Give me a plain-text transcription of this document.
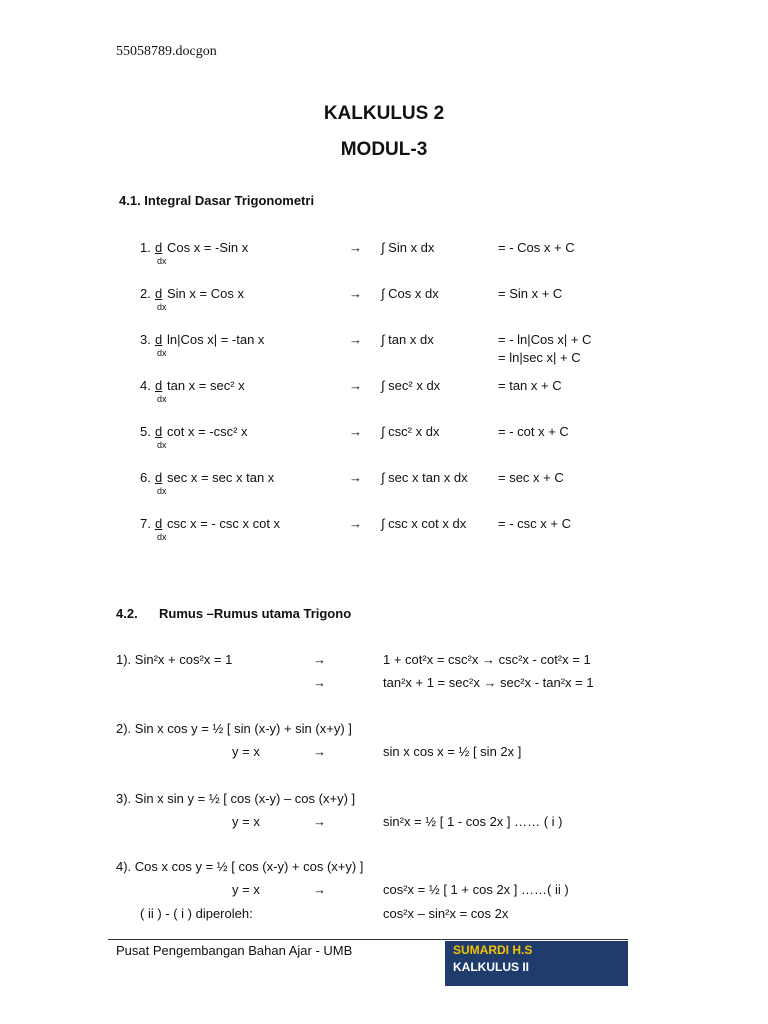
55058789.docgon
KALKULUS 2
MODUL-3
4.1. Integral Dasar Trigonometri
1. d
dx
Cos x = -Sin x	→ ∫ Sin x dx	= - Cos x + C
2. d
dx
Sin x = Cos x	→ ∫ Cos x dx	= Sin x + C
3. d
dx
ln|Cos x| = -tan x	→ ∫ tan x dx	= - ln|Cos x| + C
= ln|sec x| + C
4. d
dx
tan x = sec² x	→ ∫ sec² x dx	= tan x + C
5. d
dx
cot x = -csc² x	→ ∫ csc² x dx	= - cot x + C
6. d
dx
sec x = sec x tan x	→ ∫ sec x tan x dx = sec x + C
7. d
dx
csc x = - csc x cot x	→ ∫ csc x cot x dx = - csc x + C
4.2. Rumus –Rumus utama Trigono
1). Sin²x + cos²x = 1	→	1 + cot²x = csc²x → csc²x - cot²x = 1
→	tan²x + 1 = sec²x → sec²x - tan²x = 1
2). Sin x cos y = ½ [ sin (x-y) + sin (x+y) ]
y = x	→	sin x cos x = ½ [ sin 2x ]
3). Sin x sin y = ½ [ cos (x-y) – cos (x+y) ]
y = x	→	sin²x = ½ [ 1 - cos 2x ] …… ( i )
4). Cos x cos y = ½ [ cos (x-y) + cos (x+y) ]
y = x	→	cos²x = ½ [ 1 + cos 2x ] ……( ii )
( ii ) - ( i ) diperoleh:	cos²x – sin²x = cos 2x
Pusat Pengembangan Bahan Ajar - UMB	SUMARDI H.S
KALKULUS II
